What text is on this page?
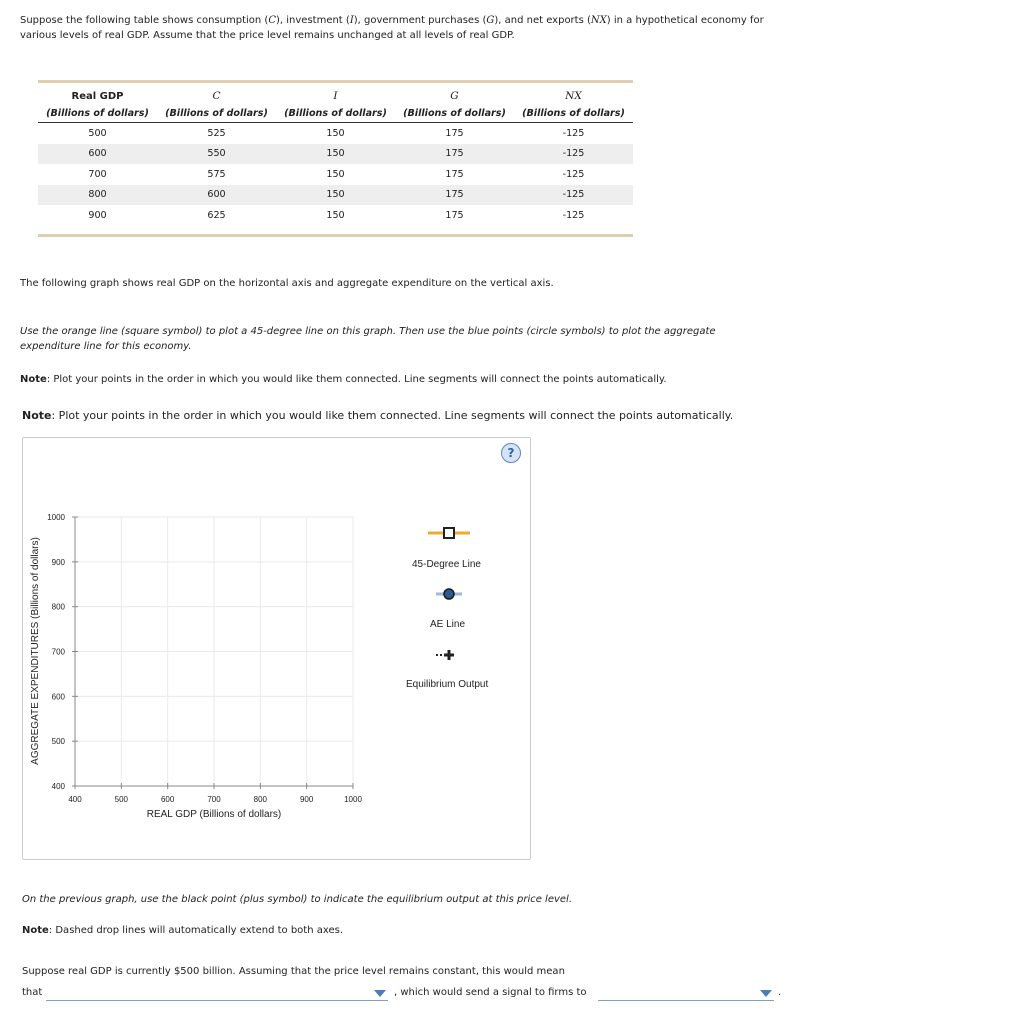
Suppose the following table shows consumption (C), investment (I), government purchases (G), and net exports (NX) in a hypothetical economy for
various levels of real GDP. Assume that the price level remains unchanged at all levels of real GDP.

Real GDP	C	I	G	NX
(Billions of dollars)	(Billions of dollars)	(Billions of dollars)	(Billions of dollars)	(Billions of dollars)
500	525	150	175	-125
600	550	150	175	-125
700	575	150	175	-125
800	600	150	175	-125
900	625	150	175	-125

The following graph shows real GDP on the horizontal axis and aggregate expenditure on the vertical axis.

Use the orange line (square symbol) to plot a 45-degree line on this graph. Then use the blue points (circle symbols) to plot the aggregate
expenditure line for this economy.

Note: Plot your points in the order in which you would like them connected. Line segments will connect the points automatically.

Note: Plot your points in the order in which you would like them connected. Line segments will connect the points automatically.

?
400	500	600	700	800	900	1000
400
500
600
700
800
900
1000
AGGREGATE EXPENDITURES (Billions of dollars)
REAL GDP (Billions of dollars)
45-Degree Line
AE Line
Equilibrium Output

On the previous graph, use the black point (plus symbol) to indicate the equilibrium output at this price level.

Note: Dashed drop lines will automatically extend to both axes.

Suppose real GDP is currently $500 billion. Assuming that the price level remains constant, this would mean

that	, which would send a signal to firms to	.
